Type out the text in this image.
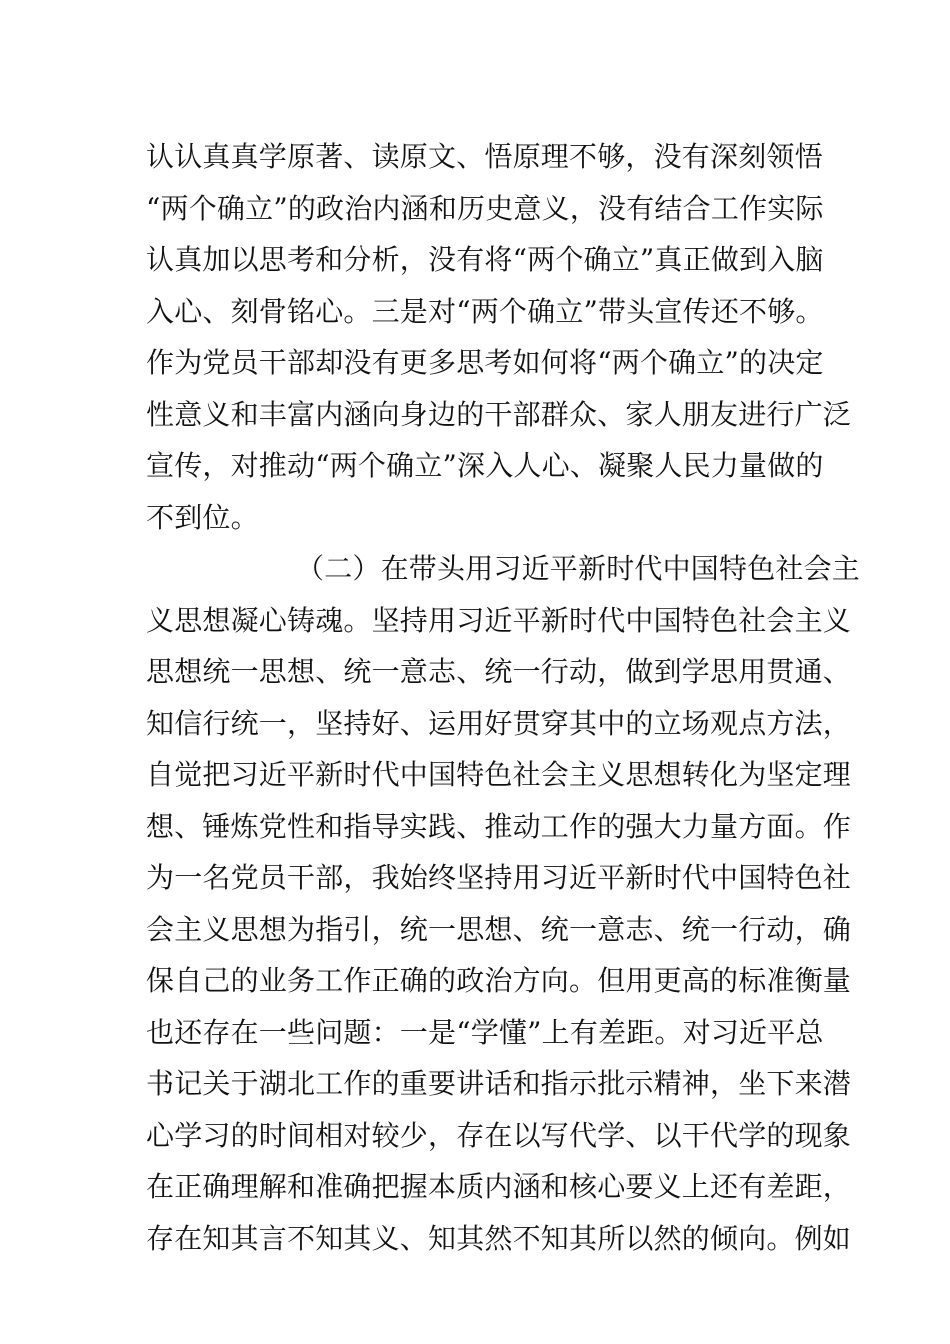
认认真真学原著、读原文、悟原理不够，没有深刻领悟
“两个确立”的政治内涵和历史意义，没有结合工作实际
认真加以思考和分析，没有将“两个确立”真正做到入脑
入心、刻骨铭心。三是对“两个确立”带头宣传还不够。
作为党员干部却没有更多思考如何将“两个确立”的决定
性意义和丰富内涵向身边的干部群众、家人朋友进行广泛
宣传，对推动“两个确立”深入人心、凝聚人民力量做的
不到位。
（二）在带头用习近平新时代中国特色社会主
义思想凝心铸魂。坚持用习近平新时代中国特色社会主义
思想统一思想、统一意志、统一行动，做到学思用贯通、
知信行统一，坚持好、运用好贯穿其中的立场观点方法，
自觉把习近平新时代中国特色社会主义思想转化为坚定理
想、锤炼党性和指导实践、推动工作的强大力量方面。作
为一名党员干部，我始终坚持用习近平新时代中国特色社
会主义思想为指引，统一思想、统一意志、统一行动，确
保自己的业务工作正确的政治方向。但用更高的标准衡量
也还存在一些问题：一是“学懂”上有差距。对习近平总
书记关于湖北工作的重要讲话和指示批示精神，坐下来潜
心学习的时间相对较少，存在以写代学、以干代学的现象
在正确理解和准确把握本质内涵和核心要义上还有差距，
存在知其言不知其义、知其然不知其所以然的倾向。例如
